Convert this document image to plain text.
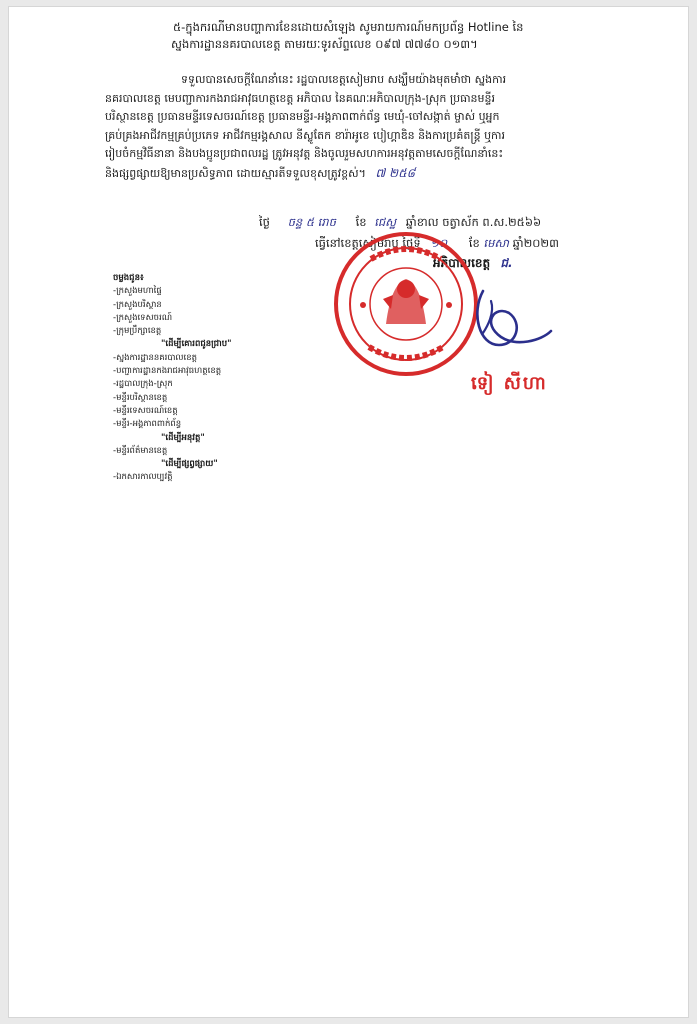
៥-ក្នុងករណីមានបញ្ហាការខែនដោយសំឡេង សូមរាយការណ៍មកប្រព័ន្ធ Hotline នៃ
ស្នងការដ្ឋាននគរបាលខេត្ត តាមរយៈទូរស័ព្ទលេខ ០៩៧ ៧៧៨០ ០១៣។
ទទួលបានសេចក្ដីណែនាំនេះ រដ្ឋបាលខេត្តសៀមរាប សង្ឃឹមយ៉ាងមុតមាំថា ស្នងការ
នគរបាលខេត្ត មេបញ្ជាការកងរាជអាវុធហត្ថខេត្ត អភិបាល នៃគណៈអភិបាលក្រុង-ស្រុក ប្រធានមន្ទីរ
បរិស្ថានខេត្ត ប្រធានមន្ទីរទេសចរណ៍ខេត្ត ប្រធានមន្ទីរ-អង្គភាពពាក់ព័ន្ធ មេឃុំ-ចៅសង្កាត់ ម្ចាស់ ឬអ្នក
គ្រប់គ្រងអាជីវកម្មគ្រប់ប្រភេទ អាជីវកម្មរង្គសាល នីស្លូតែក ខារ៉ាអូខេ បៀហ្គាឌិន និងការប្រគំតន្ត្រី ឬការ
រៀបចំកម្មវិធីនានា និងបងប្អូនប្រជាពលរដ្ឋ ត្រូវអនុវត្ត និងចូលរួមសហការអនុវត្តតាមសេចក្ដីណែនាំនេះ
និងផ្សព្វផ្សាយឱ្យមានប្រសិទ្ធភាព ដោយស្មារតីទទួលខុសត្រូវខ្ពស់។ ៧ ២៥៨
ថ្ងៃ ចន្ទ ៥ រោច ខែ ជេស្ឋ ឆ្នាំខាល ចត្វាស័ក ព.ស.២៥៦៦
ធ្វើនៅខេត្តសៀមរាប ថ្ងៃទី ១០ ខែ មេសា ឆ្នាំ២០២៣
អភិបាលខេត្ត ជ.
ទៀ សីហា
ចម្លងជូន៖
-ក្រសួងមហាផ្ទៃ
-ក្រសួងបរិស្ថាន
-ក្រសួងទេសចរណ៍
-ក្រុមប្រឹក្សាខេត្ត
"ដើម្បីគោរពជូនជ្រាប"
-ស្នងការដ្ឋាននគរបាលខេត្ត
-បញ្ជាការដ្ឋានកងរាជអាវុធហត្ថខេត្ត
-រដ្ឋបាលក្រុង-ស្រុក
-មន្ទីរបរិស្ថានខេត្ត
-មន្ទីរទេសចរណ៍ខេត្ត
-មន្ទីរ-អង្គភាពពាក់ព័ន្ធ
"ដើម្បីអនុវត្ត"
-មន្ទីរព័ត៌មានខេត្ត
"ដើម្បីផ្សព្វផ្សាយ"
-ឯកសារកាលប្បវត្តិ
